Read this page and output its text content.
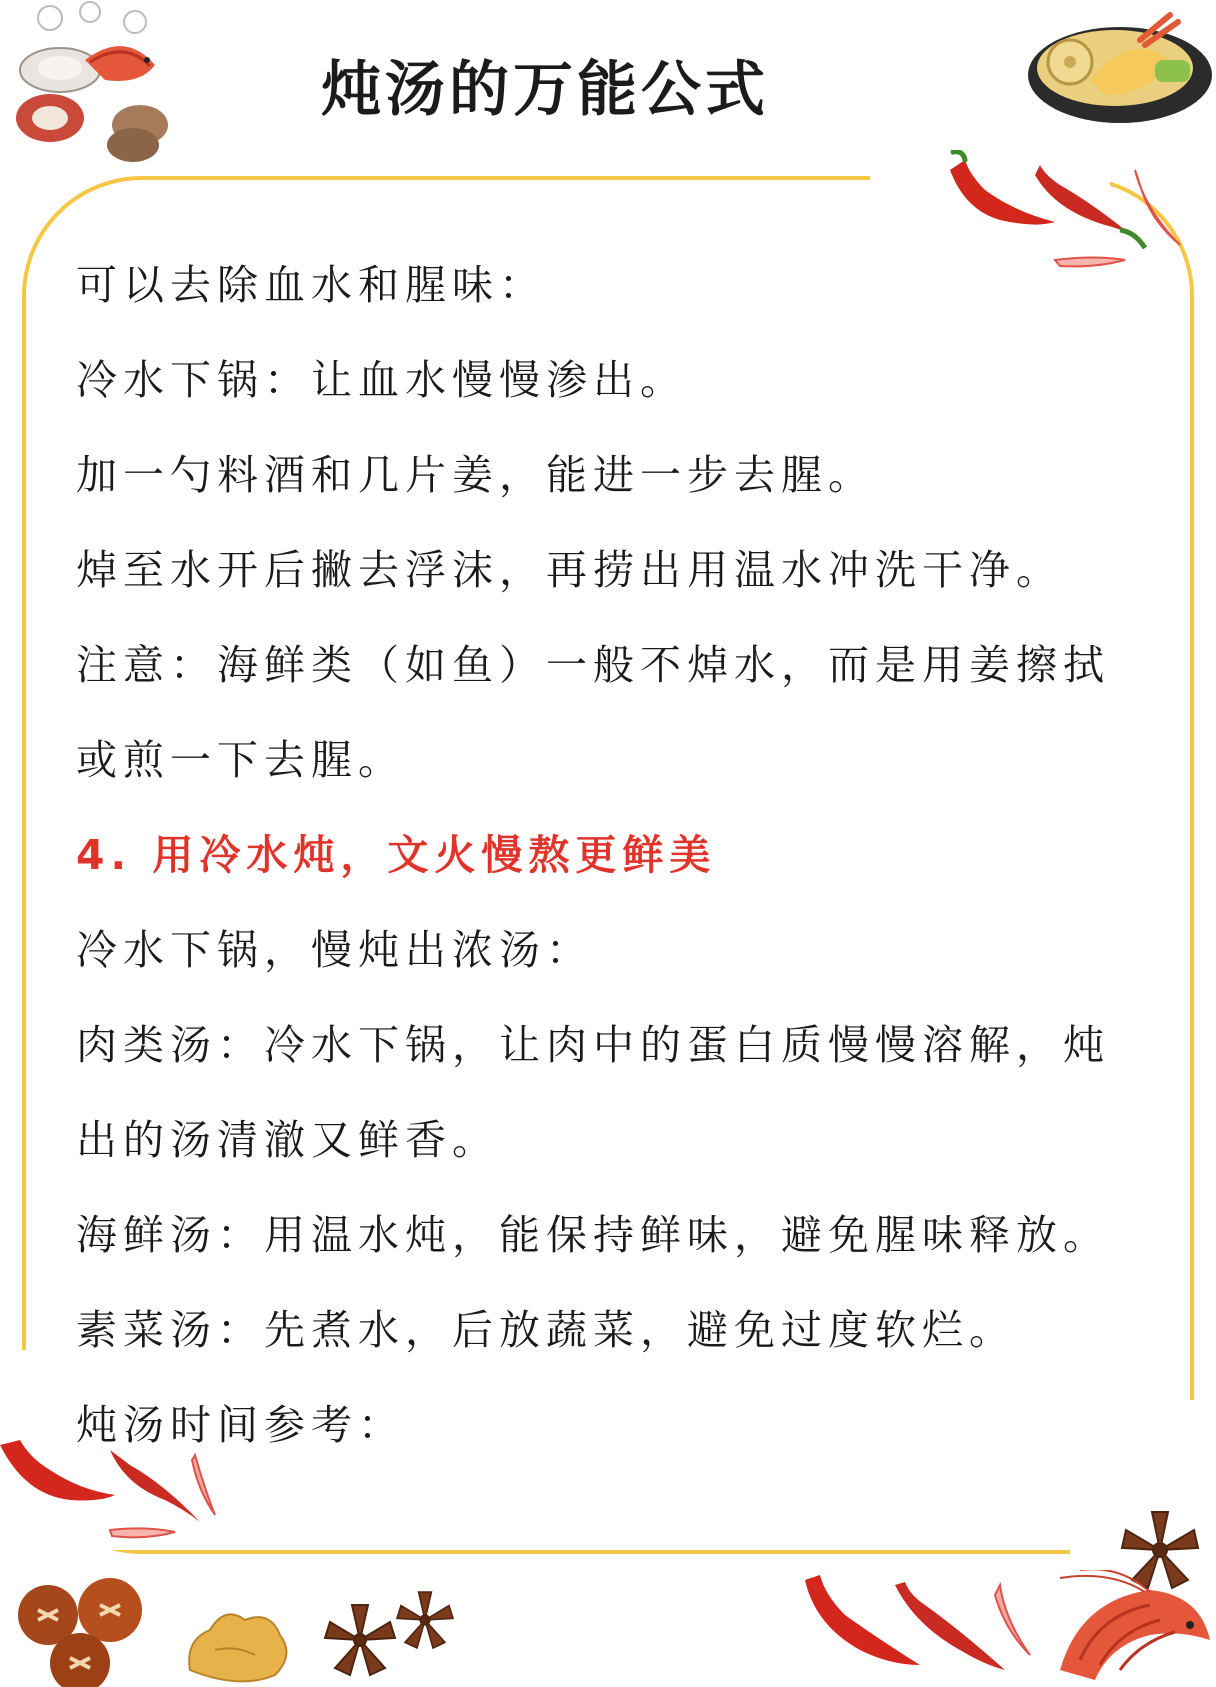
炖汤的万能公式
可以去除血水和腥味：
冷水下锅：让血水慢慢渗出。
加一勺料酒和几片姜，能进一步去腥。
焯至水开后撇去浮沫，再捞出用温水冲洗干净。
注意：海鲜类（如鱼）一般不焯水，而是用姜擦拭
或煎一下去腥。
4. 用冷水炖，文火慢熬更鲜美
冷水下锅，慢炖出浓汤：
肉类汤：冷水下锅，让肉中的蛋白质慢慢溶解，炖
出的汤清澈又鲜香。
海鲜汤：用温水炖，能保持鲜味，避免腥味释放。
素菜汤：先煮水，后放蔬菜，避免过度软烂。
炖汤时间参考：
